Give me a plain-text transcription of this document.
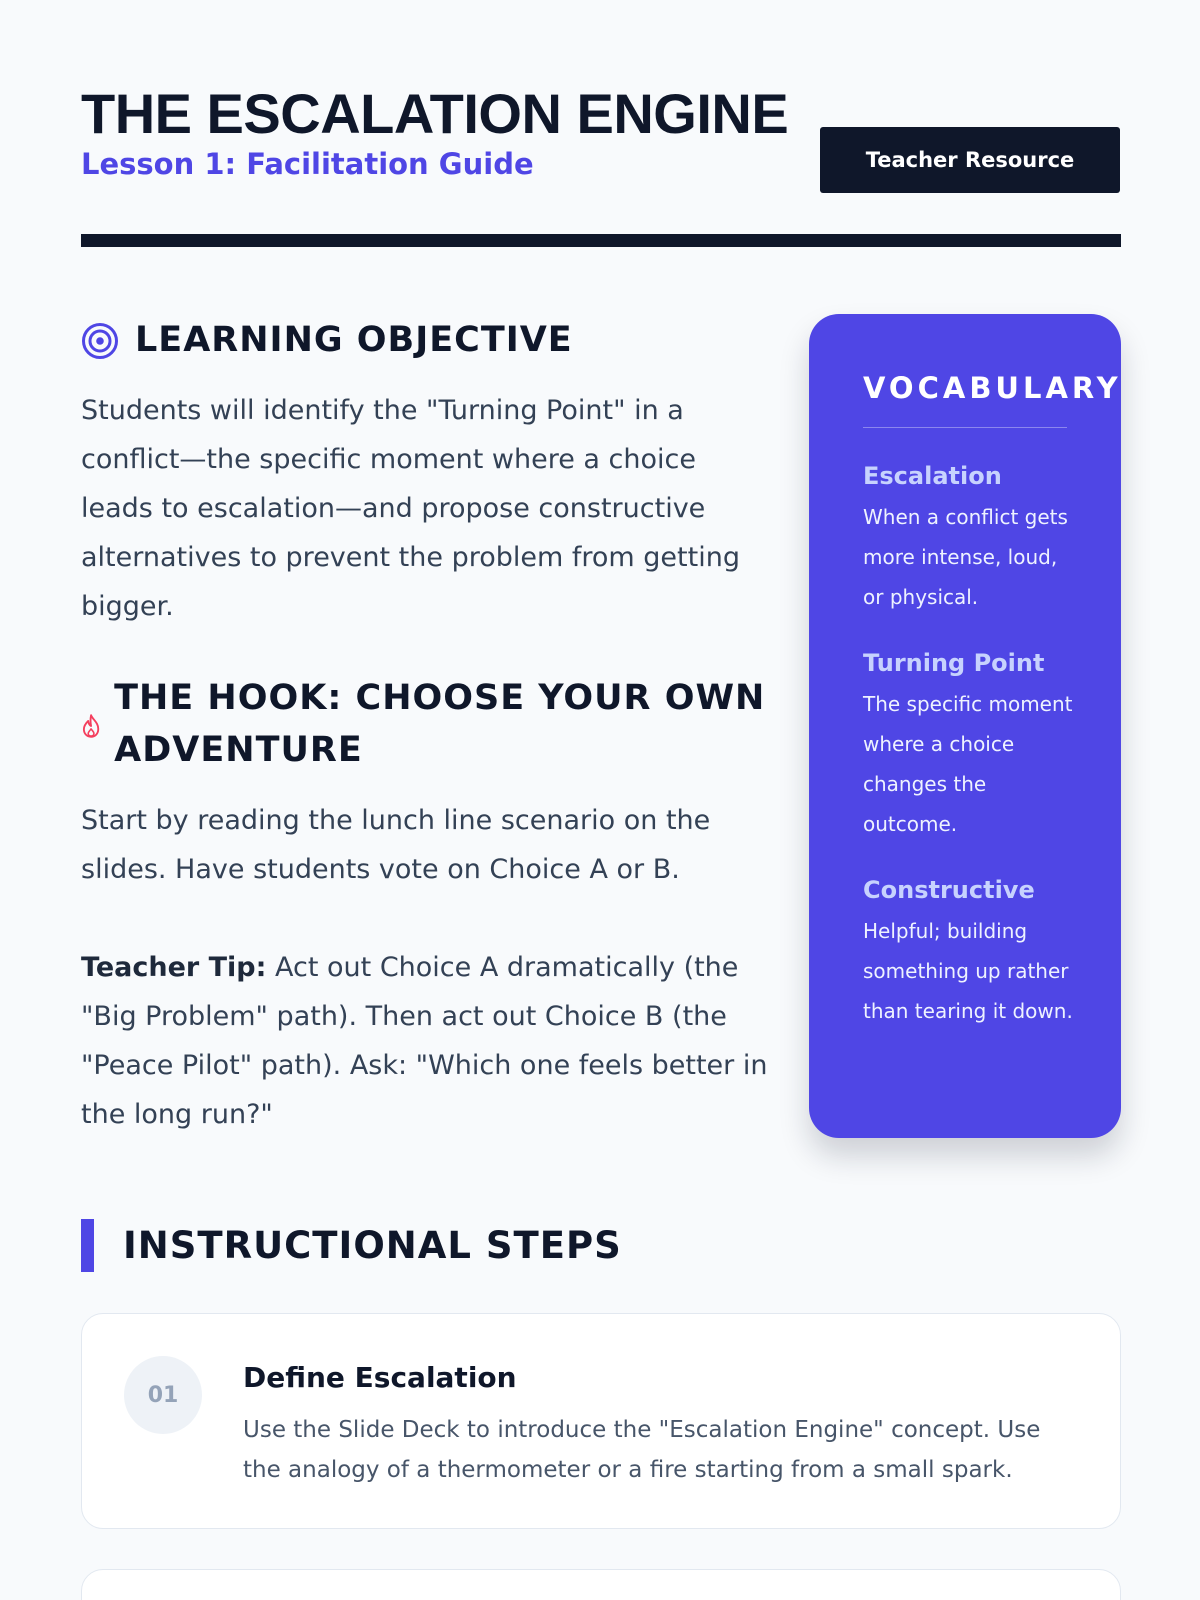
THE ESCALATION ENGINE
Lesson 1: Facilitation Guide	Teacher Resource
LEARNING OBJECTIVE

Students will identify the "Turning Point" in a conflict—the specific moment where a choice leads to escalation—and propose constructive alternatives to prevent the problem from getting bigger.

THE HOOK: CHOOSE YOUR OWN ADVENTURE

Start by reading the lunch line scenario on the slides. Have students vote on Choice A or B.

Teacher Tip: Act out Choice A dramatically (the "Big Problem" path). Then act out Choice B (the "Peace Pilot" path). Ask: "Which one feels better in the long run?"

VOCABULARY

Escalation

When a conflict gets more intense, loud, or physical.

Turning Point

The specific moment where a choice changes the outcome.

Constructive

Helpful; building something up rather than tearing it down.

INSTRUCTIONAL STEPS
01
Define Escalation

Use the Slide Deck to introduce the "Escalation Engine" concept. Use the analogy of a thermometer or a fire starting from a small spark.
